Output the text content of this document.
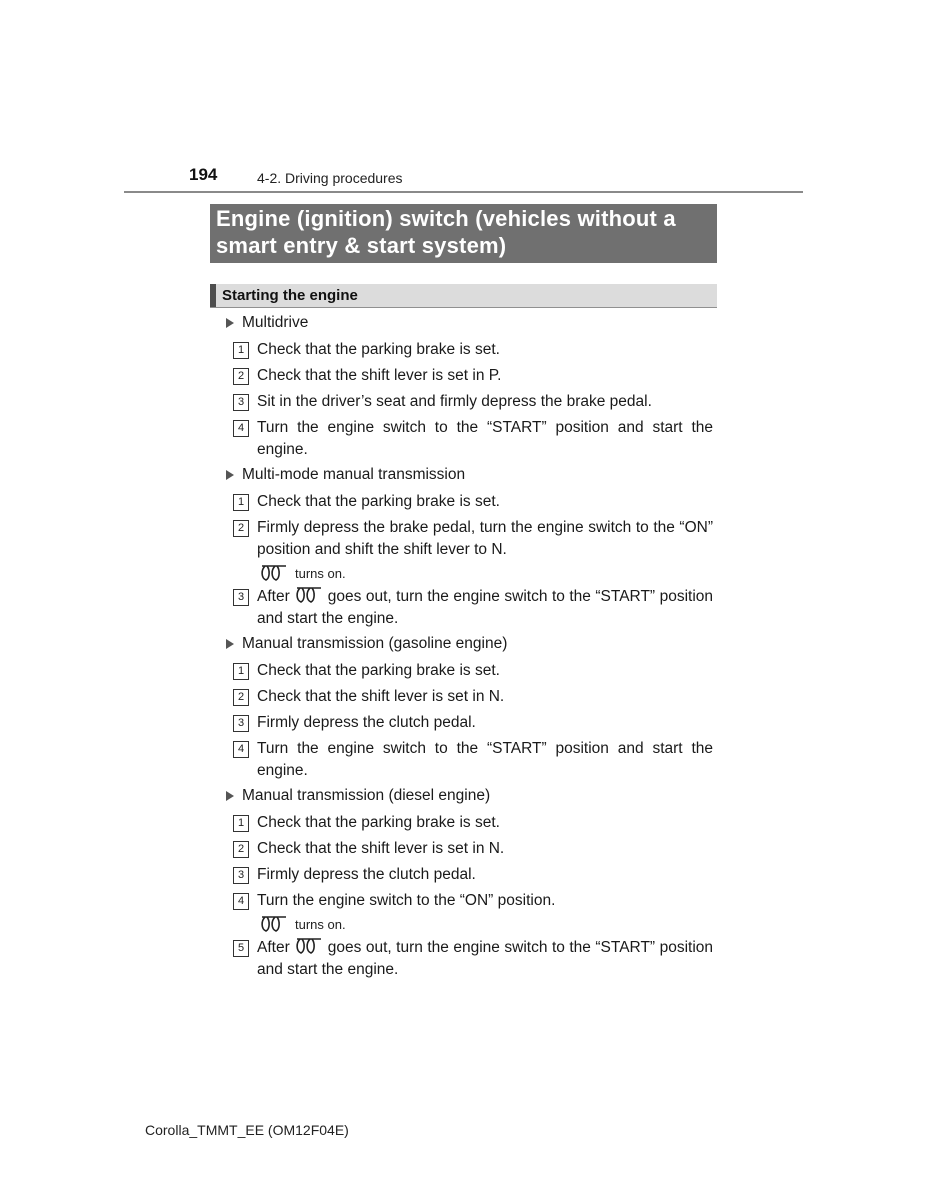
194	4-2. Driving procedures
Engine (ignition) switch (vehicles without a smart entry & start system)
Starting the engine
Multidrive
1 Check that the parking brake is set.
2 Check that the shift lever is set in P.
3 Sit in the driver’s seat and firmly depress the brake pedal.
4 Turn the engine switch to the “START” position and start the engine.
Multi-mode manual transmission
1 Check that the parking brake is set.
2 Firmly depress the brake pedal, turn the engine switch to the “ON” position and shift the shift lever to N.
turns on.
3 After goes out, turn the engine switch to the “START” position and start the engine.
Manual transmission (gasoline engine)
1 Check that the parking brake is set.
2 Check that the shift lever is set in N.
3 Firmly depress the clutch pedal.
4 Turn the engine switch to the “START” position and start the engine.
Manual transmission (diesel engine)
1 Check that the parking brake is set.
2 Check that the shift lever is set in N.
3 Firmly depress the clutch pedal.
4 Turn the engine switch to the “ON” position.
turns on.
5 After goes out, turn the engine switch to the “START” position and start the engine.
Corolla_TMMT_EE (OM12F04E)
